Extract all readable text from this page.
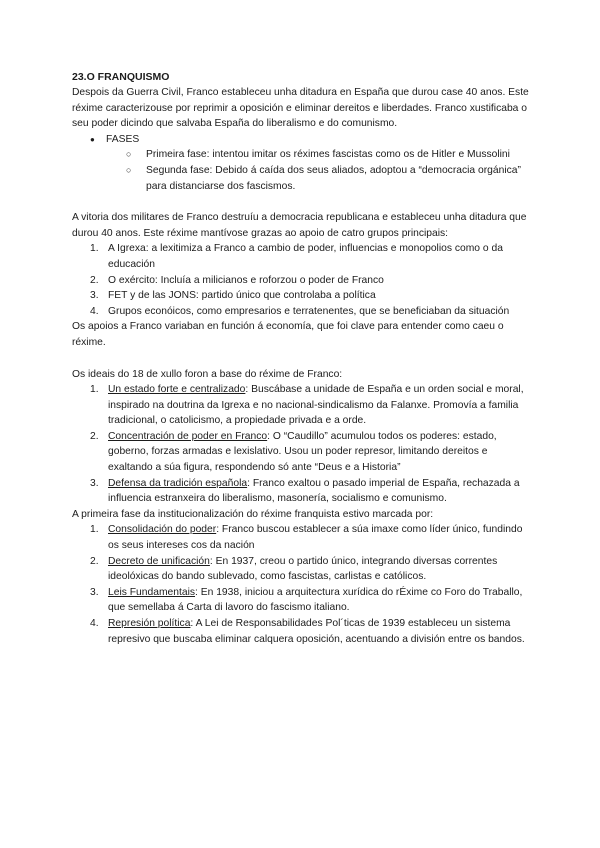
23.O FRANQUISMO

Despois da Guerra Civil, Franco estableceu unha ditadura en España que durou case 40 anos. Este réxime caracterizouse por reprimir a oposición e eliminar dereitos e liberdades. Franco xustificaba o seu poder dicindo que salvaba España do liberalismo e do comunismo.

● FASES
○ Primeira fase: intentou imitar os réximes fascistas como os de Hitler e Mussolini
○ Segunda fase: Debido á caída dos seus aliados, adoptou a “democracia orgánica” para distanciarse dos fascismos.

A vitoria dos militares de Franco destruíu a democracia republicana e estableceu unha ditadura que durou 40 anos. Este réxime mantívose grazas ao apoio de catro grupos principais:

1. A Igrexa: a lexitimiza a Franco a cambio de poder, influencias e monopolios como o da educación
2. O exército: Incluía a milicianos e roforzou o poder de Franco
3. FET y de las JONS: partido único que controlaba a política
4. Grupos econóicos, como empresarios e terratenentes, que se beneficiaban da situación

Os apoios a Franco variaban en función á economía, que foi clave para entender como caeu o réxime.

Os ideais do 18 de xullo foron a base do réxime de Franco:

1. Un estado forte e centralizado: Buscábase a unidade de España e un orden social e moral, inspirado na doutrina da Igrexa e no nacional-sindicalismo da Falanxe. Promovía a familia tradicional, o catolicismo, a propiedade privada e a orde.
2. Concentración de poder en Franco: O “Caudillo” acumulou todos os poderes: estado, goberno, forzas armadas e lexislativo. Usou un poder represor, limitando dereitos e exaltando a súa figura, respondendo só ante “Deus e a Historia”
3. Defensa da tradición española: Franco exaltou o pasado imperial de España, rechazada a influencia estranxeira do liberalismo, masonería, socialismo e comunismo.

A primeira fase da institucionalización do réxime franquista estivo marcada por:

1. Consolidación do poder: Franco buscou establecer a súa imaxe como líder único, fundindo os seus intereses cos da nación
2. Decreto de unificación: En 1937, creou o partido único, integrando diversas correntes ideolóxicas do bando sublevado, como fascistas, carlistas e católicos.
3. Leis Fundamentais: En 1938, iniciou a arquitectura xurídica do rÉxime co Foro do Traballo, que semellaba á Carta di lavoro do fascismo italiano.
4. Represión política: A Lei de Responsabilidades Pol´ticas de 1939 estableceu un sistema represivo que buscaba eliminar calquera oposición, acentuando a división entre os bandos.
